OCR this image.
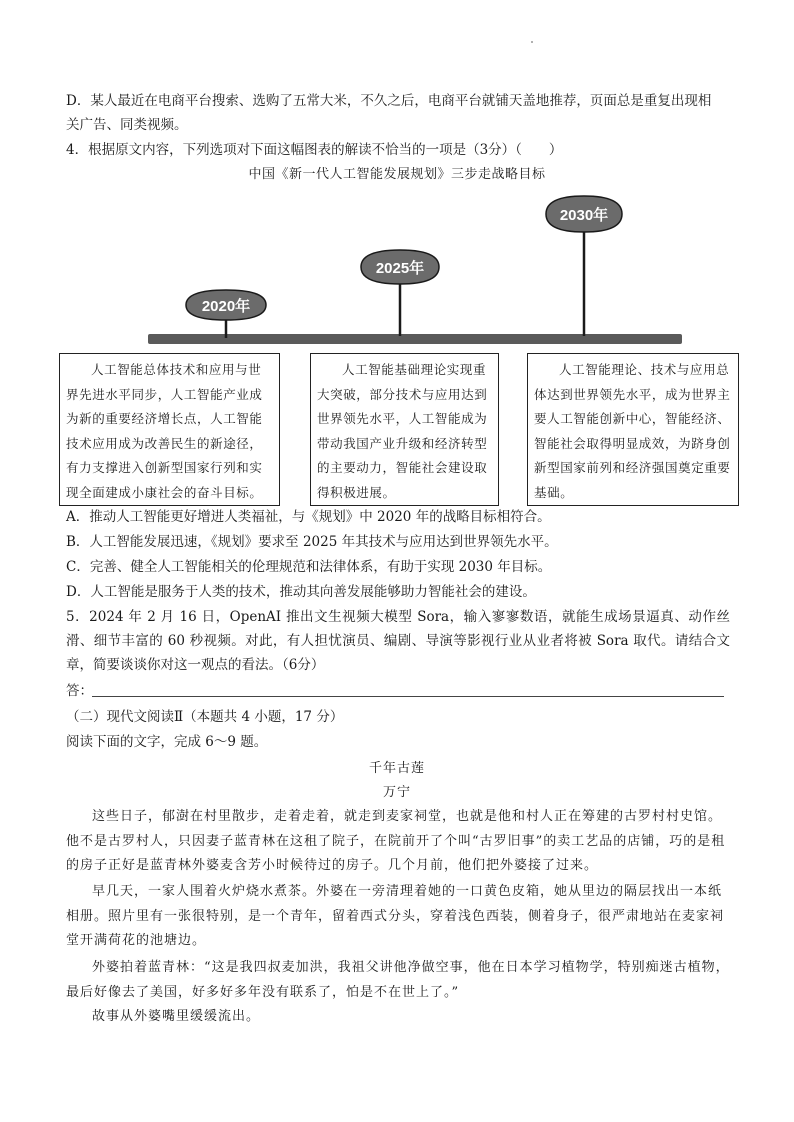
D．某人最近在电商平台搜索、选购了五常大米，不久之后，电商平台就铺天盖地推荐，页面总是重复出现相
关广告、同类视频。
4．根据原文内容，下列选项对下面这幅图表的解读不恰当的一项是（3分）（　　）
中国《新一代人工智能发展规划》三步走战略目标
2020年
2025年
2030年
人工智能总体技术和应用与世界先进水平同步，人工智能产业成为新的重要经济增长点，人工智能技术应用成为改善民生的新途径，有力支撑进入创新型国家行列和实现全面建成小康社会的奋斗目标。
人工智能基础理论实现重大突破，部分技术与应用达到世界领先水平，人工智能成为带动我国产业升级和经济转型的主要动力，智能社会建设取得积极进展。
人工智能理论、技术与应用总体达到世界领先水平，成为世界主要人工智能创新中心，智能经济、智能社会取得明显成效，为跻身创新型国家前列和经济强国奠定重要基础。
A．推动人工智能更好增进人类福祉，与《规划》中 2020 年的战略目标相符合。
B．人工智能发展迅速，《规划》要求至 2025 年其技术与应用达到世界领先水平。
C．完善、健全人工智能相关的伦理规范和法律体系，有助于实现 2030 年目标。
D．人工智能是服务于人类的技术，推动其向善发展能够助力智能社会的建设。
5．2024 年 2 月 16 日，OpenAI 推出文生视频大模型 Sora，输入寥寥数语，就能生成场景逼真、动作丝滑、细节丰富的 60 秒视频。对此，有人担忧演员、编剧、导演等影视行业从业者将被 Sora 取代。请结合文章，简要谈谈你对这一观点的看法。（6分）
答：
（二）现代文阅读Ⅱ（本题共 4 小题，17 分）
阅读下面的文字，完成 6～9 题。
千年古莲
万宁
这些日子，郁澍在村里散步，走着走着，就走到麦家祠堂，也就是他和村人正在筹建的古罗村村史馆。他不是古罗村人，只因妻子蓝青林在这租了院子，在院前开了个叫“古罗旧事”的卖工艺品的店铺，巧的是租的房子正好是蓝青林外婆麦含芳小时候待过的房子。几个月前，他们把外婆接了过来。
早几天，一家人围着火炉烧水煮茶。外婆在一旁清理着她的一口黄色皮箱，她从里边的隔层找出一本纸相册。照片里有一张很特别，是一个青年，留着西式分头，穿着浅色西装，侧着身子，很严肃地站在麦家祠堂开满荷花的池塘边。
外婆拍着蓝青林：“这是我四叔麦加洪，我祖父讲他净做空事，他在日本学习植物学，特别痴迷古植物，最后好像去了美国，好多好多年没有联系了，怕是不在世上了。”
故事从外婆嘴里缓缓流出。
